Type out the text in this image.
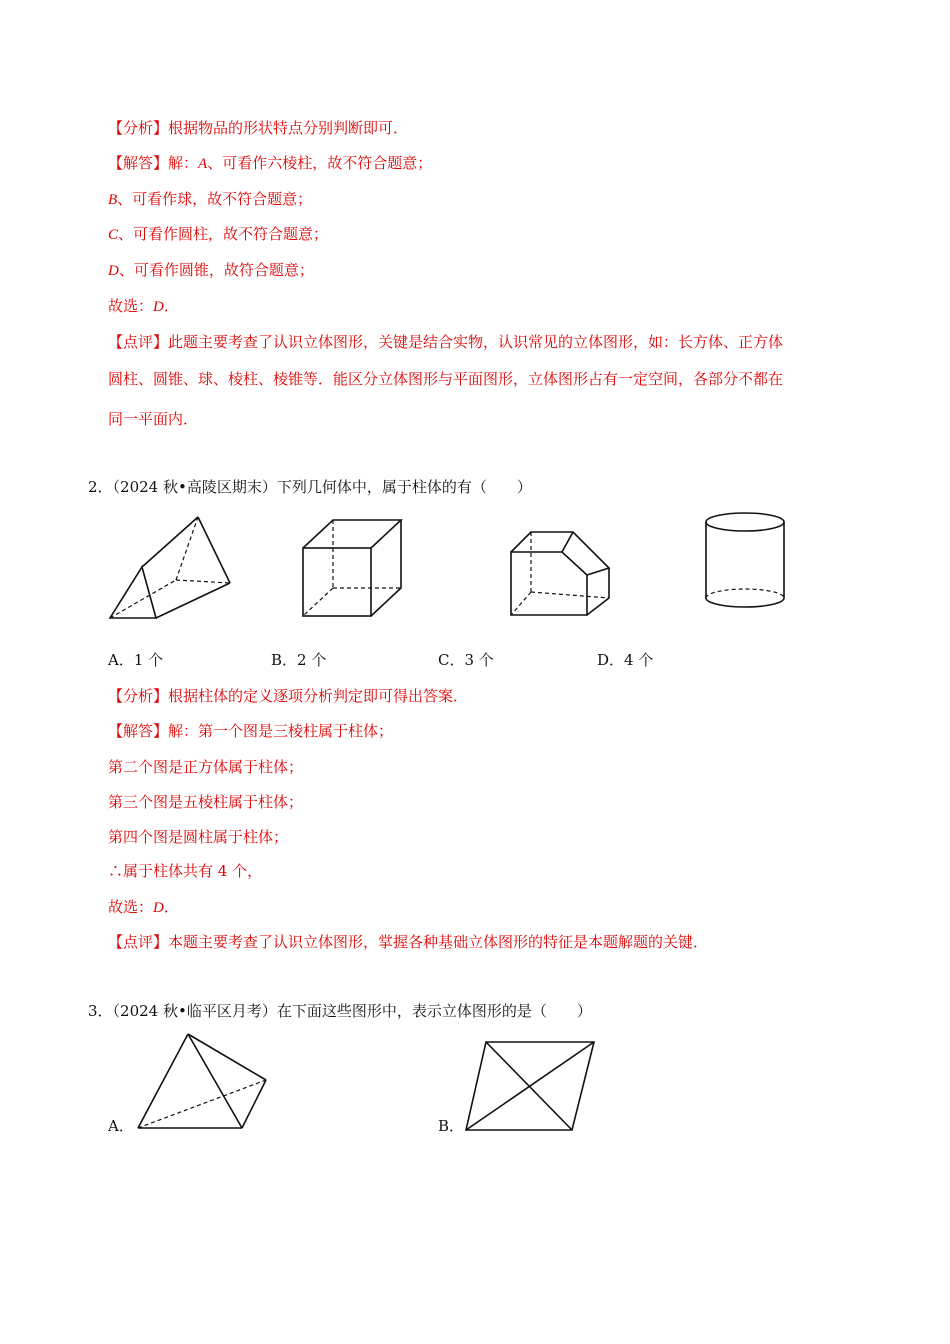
【分析】根据物品的形状特点分别判断即可．
【解答】解：A、可看作六棱柱，故不符合题意；
B、可看作球，故不符合题意；
C、可看作圆柱，故不符合题意；
D、可看作圆锥，故符合题意；
故选：D．
【点评】此题主要考查了认识立体图形，关键是结合实物，认识常见的立体图形，如：长方体、正方体
圆柱、圆锥、球、棱柱、棱锥等．能区分立体图形与平面图形，立体图形占有一定空间，各部分不都在
同一平面内．
2．（2024 秋•高陵区期末）下列几何体中，属于柱体的有（　　）
A．1 个	B．2 个	C．3 个	D．4 个
【分析】根据柱体的定义逐项分析判定即可得出答案．
【解答】解：第一个图是三棱柱属于柱体；
第二个图是正方体属于柱体；
第三个图是五棱柱属于柱体；
第四个图是圆柱属于柱体；
∴属于柱体共有 4 个，
故选：D．
【点评】本题主要考查了认识立体图形，掌握各种基础立体图形的特征是本题解题的关键．
3．（2024 秋•临平区月考）在下面这些图形中，表示立体图形的是（　　）
A．	B．
